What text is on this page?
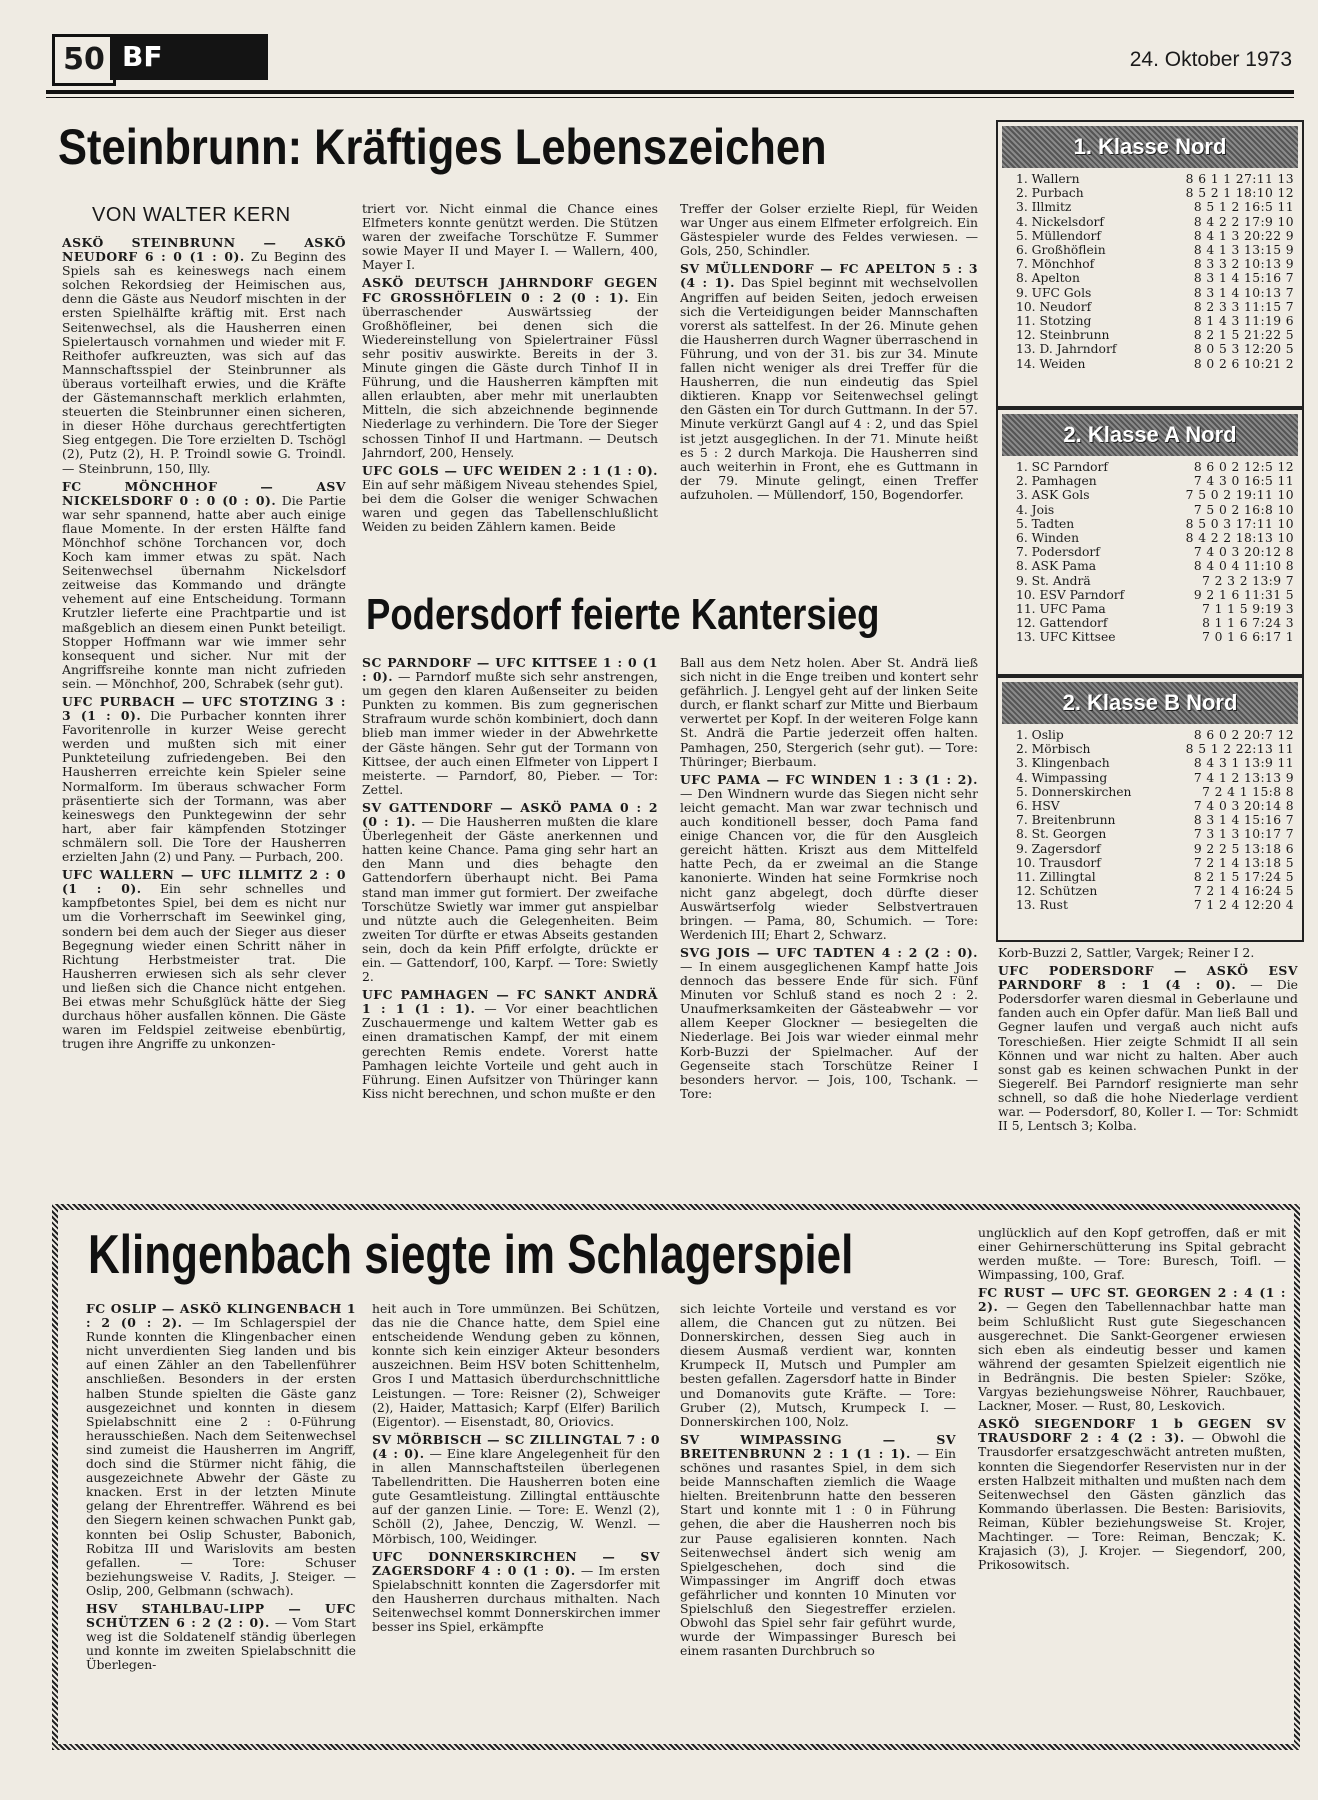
50 BF	24. Oktober 1973
Steinbrunn: Kräftiges Lebenszeichen
VON WALTER KERN

ASKÖ STEINBRUNN — ASKÖ NEUDORF 6 : 0 (1 : 0). Zu Beginn des Spiels sah es keineswegs nach einem solchen Rekordsieg der Heimischen aus, denn die Gäste aus Neudorf mischten in der ersten Spielhälfte kräftig mit. Erst nach Seitenwechsel, als die Hausherren einen Spielertausch vornahmen und wieder mit F. Reithofer aufkreuzten, was sich auf das Mannschaftsspiel der Steinbrunner als überaus vorteilhaft erwies, und die Kräfte der Gästemannschaft merklich erlahmten, steuerten die Steinbrunner einen sicheren, in dieser Höhe durchaus gerechtfertigten Sieg entgegen. Die Tore erzielten D. Tschögl (2), Putz (2), H. P. Troindl sowie G. Troindl. — Steinbrunn, 150, Illy.

FC MÖNCHHOF — ASV NICKELSDORF 0 : 0 (0 : 0). Die Partie war sehr spannend, hatte aber auch einige flaue Momente. In der ersten Hälfte fand Mönchhof schöne Torchancen vor, doch Koch kam immer etwas zu spät. Nach Seitenwechsel übernahm Nickelsdorf zeitweise das Kommando und drängte vehement auf eine Entscheidung. Tormann Krutzler lieferte eine Prachtpartie und ist maßgeblich an diesem einen Punkt beteiligt. Stopper Hoffmann war wie immer sehr konsequent und sicher. Nur mit der Angriffsreihe konnte man nicht zufrieden sein. — Mönchhof, 200, Schrabek (sehr gut).

UFC PURBACH — UFC STOTZING 3 : 3 (1 : 0). Die Purbacher konnten ihrer Favoritenrolle in kurzer Weise gerecht werden und mußten sich mit einer Punkteteilung zufriedengeben. Bei den Hausherren erreichte kein Spieler seine Normalform. Im überaus schwacher Form präsentierte sich der Tormann, was aber keineswegs den Punktegewinn der sehr hart, aber fair kämpfenden Stotzinger schmälern soll. Die Tore der Hausherren erzielten Jahn (2) und Pany. — Purbach, 200.

UFC WALLERN — UFC ILLMITZ 2 : 0 (1 : 0). Ein sehr schnelles und kampfbetontes Spiel, bei dem es nicht nur um die Vorherrschaft im Seewinkel ging, sondern bei dem auch der Sieger aus dieser Begegnung wieder einen Schritt näher in Richtung Herbstmeister trat. Die Hausherren erwiesen sich als sehr clever und ließen sich die Chance nicht entgehen. Bei etwas mehr Schußglück hätte der Sieg durchaus höher ausfallen können. Die Gäste waren im Feldspiel zeitweise ebenbürtig, trugen ihre Angriffe zu unkonzen-

triert vor. Nicht einmal die Chance eines Elfmeters konnte genützt werden. Die Stützen waren der zweifache Torschütze F. Summer sowie Mayer II und Mayer I. — Wallern, 400, Mayer I.

ASKÖ DEUTSCH JAHRNDORF GEGEN FC GROSSHÖFLEIN 0 : 2 (0 : 1). Ein überraschender Auswärtssieg der Großhöfleiner, bei denen sich die Wiedereinstellung von Spielertrainer Füssl sehr positiv auswirkte. Bereits in der 3. Minute gingen die Gäste durch Tinhof II in Führung, und die Hausherren kämpften mit allen erlaubten, aber mehr mit unerlaubten Mitteln, die sich abzeichnende beginnende Niederlage zu verhindern. Die Tore der Sieger schossen Tinhof II und Hartmann. — Deutsch Jahrndorf, 200, Hensely.

UFC GOLS — UFC WEIDEN 2 : 1 (1 : 0). Ein auf sehr mäßigem Niveau stehendes Spiel, bei dem die Golser die weniger Schwachen waren und gegen das Tabellenschlußlicht Weiden zu beiden Zählern kamen. Beide

Treffer der Golser erzielte Riepl, für Weiden war Unger aus einem Elfmeter erfolgreich. Ein Gästespieler wurde des Feldes verwiesen. — Gols, 250, Schindler.

SV MÜLLENDORF — FC APELTON 5 : 3 (4 : 1). Das Spiel beginnt mit wechselvollen Angriffen auf beiden Seiten, jedoch erweisen sich die Verteidigungen beider Mannschaften vorerst als sattelfest. In der 26. Minute gehen die Hausherren durch Wagner überraschend in Führung, und von der 31. bis zur 34. Minute fallen nicht weniger als drei Treffer für die Hausherren, die nun eindeutig das Spiel diktieren. Knapp vor Seitenwechsel gelingt den Gästen ein Tor durch Guttmann. In der 57. Minute verkürzt Gangl auf 4 : 2, und das Spiel ist jetzt ausgeglichen. In der 71. Minute heißt es 5 : 2 durch Markoja. Die Hausherren sind auch weiterhin in Front, ehe es Guttmann in der 79. Minute gelingt, einen Treffer aufzuholen. — Müllendorf, 150, Bogendorfer.

Podersdorf feierte Kantersieg

SC PARNDORF — UFC KITTSEE 1 : 0 (1 : 0). — Parndorf mußte sich sehr anstrengen, um gegen den klaren Außenseiter zu beiden Punkten zu kommen. Bis zum gegnerischen Strafraum wurde schön kombiniert, doch dann blieb man immer wieder in der Abwehrkette der Gäste hängen. Sehr gut der Tormann von Kittsee, der auch einen Elfmeter von Lippert I meisterte. — Parndorf, 80, Pieber. — Tor: Zettel.

SV GATTENDORF — ASKÖ PAMA 0 : 2 (0 : 1). — Die Hausherren mußten die klare Überlegenheit der Gäste anerkennen und hatten keine Chance. Pama ging sehr hart an den Mann und dies behagte den Gattendorfern überhaupt nicht. Bei Pama stand man immer gut formiert. Der zweifache Torschütze Swietly war immer gut anspielbar und nützte auch die Gelegenheiten. Beim zweiten Tor dürfte er etwas Abseits gestanden sein, doch da kein Pfiff erfolgte, drückte er ein. — Gattendorf, 100, Karpf. — Tore: Swietly 2.

UFC PAMHAGEN — FC SANKT ANDRÄ 1 : 1 (1 : 1). — Vor einer beachtlichen Zuschauermenge und kaltem Wetter gab es einen dramatischen Kampf, der mit einem gerechten Remis endete. Vorerst hatte Pamhagen leichte Vorteile und geht auch in Führung. Einen Aufsitzer von Thüringer kann Kiss nicht berechnen, und schon mußte er den

Ball aus dem Netz holen. Aber St. Andrä ließ sich nicht in die Enge treiben und kontert sehr gefährlich. J. Lengyel geht auf der linken Seite durch, er flankt scharf zur Mitte und Bierbaum verwertet per Kopf. In der weiteren Folge kann St. Andrä die Partie jederzeit offen halten. Pamhagen, 250, Stergerich (sehr gut). — Tore: Thüringer; Bierbaum.

UFC PAMA — FC WINDEN 1 : 3 (1 : 2). — Den Windnern wurde das Siegen nicht sehr leicht gemacht. Man war zwar technisch und auch konditionell besser, doch Pama fand einige Chancen vor, die für den Ausgleich gereicht hätten. Kriszt aus dem Mittelfeld hatte Pech, da er zweimal an die Stange kanonierte. Winden hat seine Formkrise noch nicht ganz abgelegt, doch dürfte dieser Auswärtserfolg wieder Selbstvertrauen bringen. — Pama, 80, Schumich. — Tore: Werdenich III; Ehart 2, Schwarz.

SVG JOIS — UFC TADTEN 4 : 2 (2 : 0). — In einem ausgeglichenen Kampf hatte Jois dennoch das bessere Ende für sich. Fünf Minuten vor Schluß stand es noch 2 : 2. Unaufmerksamkeiten der Gästeabwehr — vor allem Keeper Glockner — besiegelten die Niederlage. Bei Jois war wieder einmal mehr Korb-Buzzi der Spielmacher. Auf der Gegenseite stach Torschütze Reiner I besonders hervor. — Jois, 100, Tschank. — Tore:

Korb-Buzzi 2, Sattler, Vargek; Reiner I 2.

UFC PODERSDORF — ASKÖ ESV PARNDORF 8 : 1 (4 : 0). — Die Podersdorfer waren diesmal in Geberlaune und fanden auch ein Opfer dafür. Man ließ Ball und Gegner laufen und vergaß auch nicht aufs Toreschießen. Hier zeigte Schmidt II all sein Können und war nicht zu halten. Aber auch sonst gab es keinen schwachen Punkt in der Siegerelf. Bei Parndorf resignierte man sehr schnell, so daß die hohe Niederlage verdient war. — Podersdorf, 80, Koller I. — Tor: Schmidt II 5, Lentsch 3; Kolba.

1. Klasse Nord
1. Wallern	8 6 1 1 27:11 13
2. Purbach	8 5 2 1 18:10 12
3. Illmitz	8 5 1 2 16:5 11
4. Nickelsdorf	8 4 2 2 17:9 10
5. Müllendorf	8 4 1 3 20:22 9
6. Großhöflein	8 4 1 3 13:15 9
7. Mönchhof	8 3 3 2 10:13 9
8. Apelton	8 3 1 4 15:16 7
9. UFC Gols	8 3 1 4 10:13 7
10. Neudorf	8 2 3 3 11:15 7
11. Stotzing	8 1 4 3 11:19 6
12. Steinbrunn	8 2 1 5 21:22 5
13. D. Jahrndorf	8 0 5 3 12:20 5
14. Weiden	8 0 2 6 10:21 2
2. Klasse A Nord
1. SC Parndorf	8 6 0 2 12:5 12
2. Pamhagen	7 4 3 0 16:5 11
3. ASK Gols	7 5 0 2 19:11 10
4. Jois	7 5 0 2 16:8 10
5. Tadten	8 5 0 3 17:11 10
6. Winden	8 4 2 2 18:13 10
7. Podersdorf	7 4 0 3 20:12 8
8. ASK Pama	8 4 0 4 11:10 8
9. St. Andrä	7 2 3 2 13:9 7
10. ESV Parndorf	9 2 1 6 11:31 5
11. UFC Pama	7 1 1 5 9:19 3
12. Gattendorf	8 1 1 6 7:24 3
13. UFC Kittsee	7 0 1 6 6:17 1
2. Klasse B Nord
1. Oslip	8 6 0 2 20:7 12
2. Mörbisch	8 5 1 2 22:13 11
3. Klingenbach	8 4 3 1 13:9 11
4. Wimpassing	7 4 1 2 13:13 9
5. Donnerskirchen	7 2 4 1 15:8 8
6. HSV	7 4 0 3 20:14 8
7. Breitenbrunn	8 3 1 4 15:16 7
8. St. Georgen	7 3 1 3 10:17 7
9. Zagersdorf	9 2 2 5 13:18 6
10. Trausdorf	7 2 1 4 13:18 5
11. Zillingtal	8 2 1 5 17:24 5
12. Schützen	7 2 1 4 16:24 5
13. Rust	7 1 2 4 12:20 4
Klingenbach siegte im Schlagerspiel

FC OSLIP — ASKÖ KLINGENBACH 1 : 2 (0 : 2). — Im Schlagerspiel der Runde konnten die Klingenbacher einen nicht unverdienten Sieg landen und bis auf einen Zähler an den Tabellenführer anschließen. Besonders in der ersten halben Stunde spielten die Gäste ganz ausgezeichnet und konnten in diesem Spielabschnitt eine 2 : 0-Führung herausschießen. Nach dem Seitenwechsel sind zumeist die Hausherren im Angriff, doch sind die Stürmer nicht fähig, die ausgezeichnete Abwehr der Gäste zu knacken. Erst in der letzten Minute gelang der Ehrentreffer. Während es bei den Siegern keinen schwachen Punkt gab, konnten bei Oslip Schuster, Babonich, Robitza III und Warislovits am besten gefallen. — Tore: Schuser beziehungsweise V. Radits, J. Steiger. — Oslip, 200, Gelbmann (schwach).

HSV STAHLBAU-LIPP — UFC SCHÜTZEN 6 : 2 (2 : 0). — Vom Start weg ist die Soldatenelf ständig überlegen und konnte im zweiten Spielabschnitt die Überlegen-

heit auch in Tore ummünzen. Bei Schützen, das nie die Chance hatte, dem Spiel eine entscheidende Wendung geben zu können, konnte sich kein einziger Akteur besonders auszeichnen. Beim HSV boten Schittenhelm, Gros I und Mattasich überdurchschnittliche Leistungen. — Tore: Reisner (2), Schweiger (2), Haider, Mattasich; Karpf (Elfer) Barilich (Eigentor). — Eisenstadt, 80, Oriovics.

SV MÖRBISCH — SC ZILLINGTAL 7 : 0 (4 : 0). — Eine klare Angelegenheit für den in allen Mannschaftsteilen überlegenen Tabellendritten. Die Hausherren boten eine gute Gesamtleistung. Zillingtal enttäuschte auf der ganzen Linie. — Tore: E. Wenzl (2), Schöll (2), Jahee, Denczig, W. Wenzl. — Mörbisch, 100, Weidinger.

UFC DONNERSKIRCHEN — SV ZAGERSDORF 4 : 0 (1 : 0). — Im ersten Spielabschnitt konnten die Zagersdorfer mit den Hausherren durchaus mithalten. Nach Seitenwechsel kommt Donnerskirchen immer besser ins Spiel, erkämpfte

sich leichte Vorteile und verstand es vor allem, die Chancen gut zu nützen. Bei Donnerskirchen, dessen Sieg auch in diesem Ausmaß verdient war, konnten Krumpeck II, Mutsch und Pumpler am besten gefallen. Zagersdorf hatte in Binder und Domanovits gute Kräfte. — Tore: Gruber (2), Mutsch, Krumpeck I. — Donnerskirchen 100, Nolz.

SV WIMPASSING — SV BREITENBRUNN 2 : 1 (1 : 1). — Ein schönes und rasantes Spiel, in dem sich beide Mannschaften ziemlich die Waage hielten. Breitenbrunn hatte den besseren Start und konnte mit 1 : 0 in Führung gehen, die aber die Hausherren noch bis zur Pause egalisieren konnten. Nach Seitenwechsel ändert sich wenig am Spielgeschehen, doch sind die Wimpassinger im Angriff doch etwas gefährlicher und konnten 10 Minuten vor Spielschluß den Siegestreffer erzielen. Obwohl das Spiel sehr fair geführt wurde, wurde der Wimpassinger Buresch bei einem rasanten Durchbruch so

unglücklich auf den Kopf getroffen, daß er mit einer Gehirnerschütterung ins Spital gebracht werden mußte. — Tore: Buresch, Toifl. — Wimpassing, 100, Graf.

FC RUST — UFC ST. GEORGEN 2 : 4 (1 : 2). — Gegen den Tabellennachbar hatte man beim Schlußlicht Rust gute Siegeschancen ausgerechnet. Die Sankt-Georgener erwiesen sich eben als eindeutig besser und kamen während der gesamten Spielzeit eigentlich nie in Bedrängnis. Die besten Spieler: Szöke, Vargyas beziehungsweise Nöhrer, Rauchbauer, Lackner, Moser. — Rust, 80, Leskovich.

ASKÖ SIEGENDORF 1 b GEGEN SV TRAUSDORF 2 : 4 (2 : 3). — Obwohl die Trausdorfer ersatzgeschwächt antreten mußten, konnten die Siegendorfer Reservisten nur in der ersten Halbzeit mithalten und mußten nach dem Seitenwechsel den Gästen gänzlich das Kommando überlassen. Die Besten: Barisiovits, Reiman, Kübler beziehungsweise St. Krojer, Machtinger. — Tore: Reiman, Benczak; K. Krajasich (3), J. Krojer. — Siegendorf, 200, Prikosowitsch.
